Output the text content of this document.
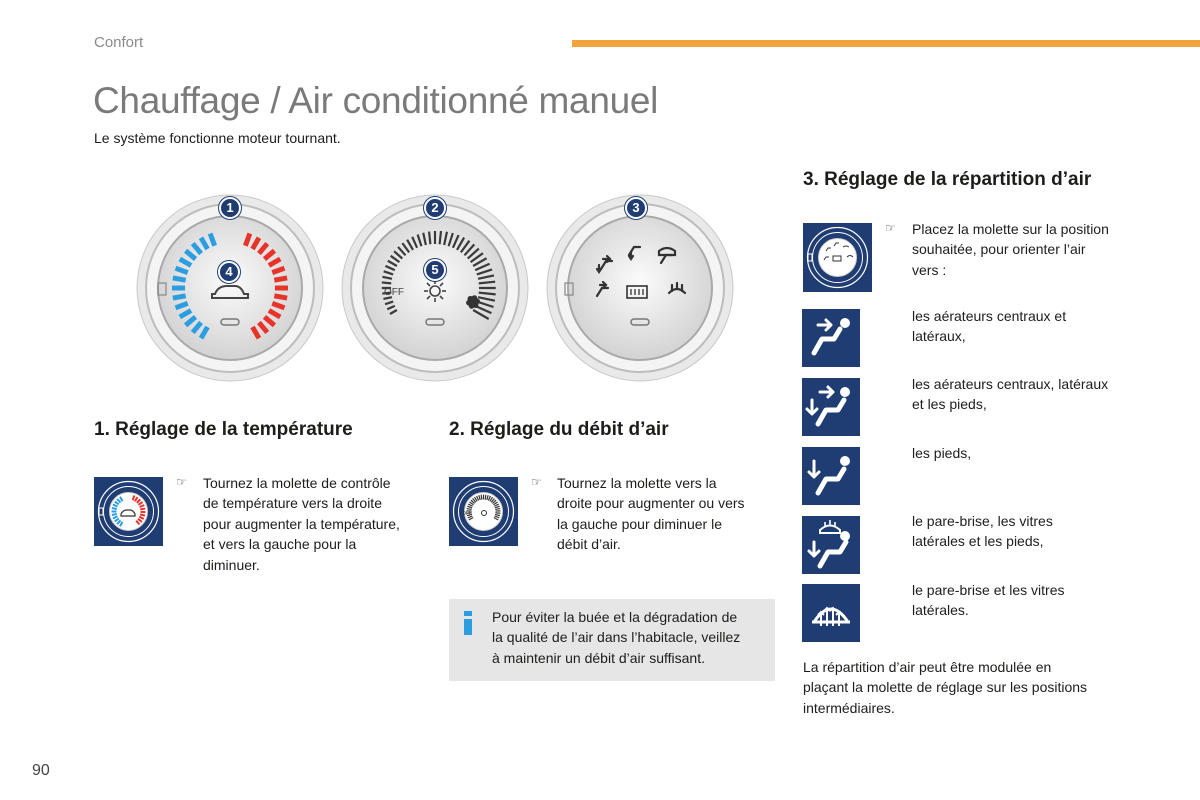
Confort
Chauffage / Air conditionné manuel
Le système fonctionne moteur tournant.
1
4
OFF
2
5
3
1. Réglage de la température
☞ Tournez la molette de contrôle
de température vers la droite
pour augmenter la température,
et vers la gauche pour la
diminuer.
2. Réglage du débit d’air
OFF
☞ Tournez la molette vers la
droite pour augmenter ou vers
la gauche pour diminuer le
débit d’air.
Pour éviter la buée et la dégradation de
la qualité de l’air dans l’habitacle, veillez
à maintenir un débit d’air suffisant.
3. Réglage de la répartition d’air
☞ Placez la molette sur la position
souhaitée, pour orienter l’air
vers :
les aérateurs centraux et
latéraux,
les aérateurs centraux, latéraux
et les pieds,
les pieds,
le pare-brise, les vitres
latérales et les pieds,
le pare-brise et les vitres
latérales.
La répartition d’air peut être modulée en
plaçant la molette de réglage sur les positions
intermédiaires.
90
